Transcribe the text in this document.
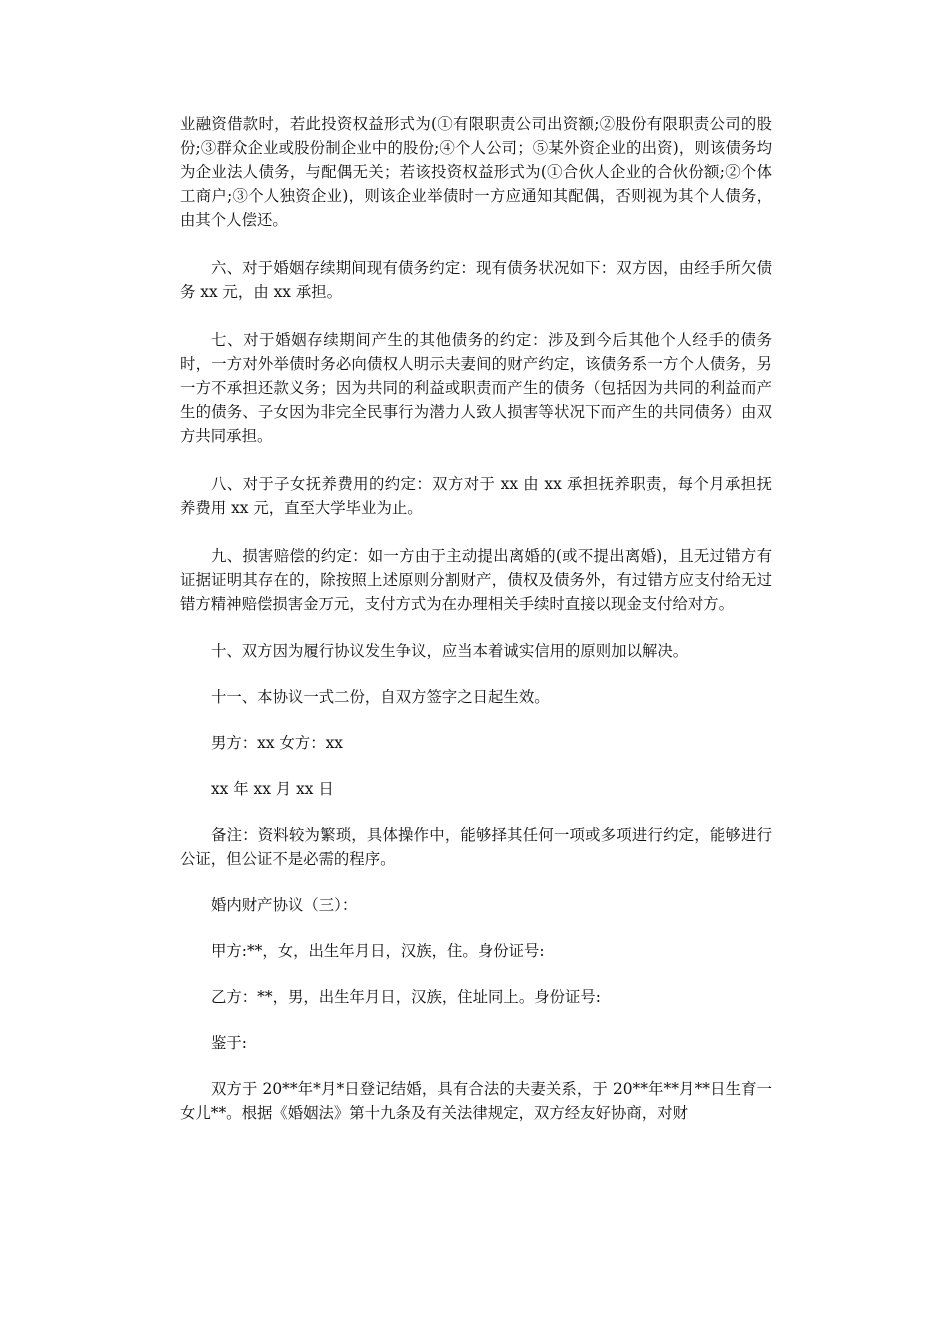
业融资借款时，若此投资权益形式为(①有限职责公司出资额;②股份有限职责公司的股份;③群众企业或股份制企业中的股份;④个人公司；⑤某外资企业的出资)，则该债务均为企业法人债务，与配偶无关；若该投资权益形式为(①合伙人企业的合伙份额;②个体工商户;③个人独资企业)，则该企业举债时一方应通知其配偶，否则视为其个人债务，由其个人偿还。

六、对于婚姻存续期间现有债务约定：现有债务状况如下：双方因，由经手所欠债务 xx 元，由 xx 承担。

七、对于婚姻存续期间产生的其他债务的约定：涉及到今后其他个人经手的债务时，一方对外举债时务必向债权人明示夫妻间的财产约定，该债务系一方个人债务，另一方不承担还款义务；因为共同的利益或职责而产生的债务（包括因为共同的利益而产生的债务、子女因为非完全民事行为潜力人致人损害等状况下而产生的共同债务）由双方共同承担。

八、对于子女抚养费用的约定：双方对于 xx 由 xx 承担抚养职责，每个月承担抚养费用 xx 元，直至大学毕业为止。

九、损害赔偿的约定：如一方由于主动提出离婚的(或不提出离婚)，且无过错方有证据证明其存在的，除按照上述原则分割财产，债权及债务外，有过错方应支付给无过错方精神赔偿损害金万元，支付方式为在办理相关手续时直接以现金支付给对方。

十、双方因为履行协议发生争议，应当本着诚实信用的原则加以解决。

十一、本协议一式二份，自双方签字之日起生效。

男方：xx 女方：xx

xx 年 xx 月 xx 日

备注：资料较为繁琐，具体操作中，能够择其任何一项或多项进行约定，能够进行公证，但公证不是必需的程序。

婚内财产协议（三）：

甲方:**，女，出生年月日，汉族，住。身份证号:

乙方：**，男，出生年月日，汉族，住址同上。身份证号:

鉴于:

双方于 20**年*月*日登记结婚，具有合法的夫妻关系，于 20**年**月**日生育一女儿**。根据《婚姻法》第十九条及有关法律规定，双方经友好协商，对财
